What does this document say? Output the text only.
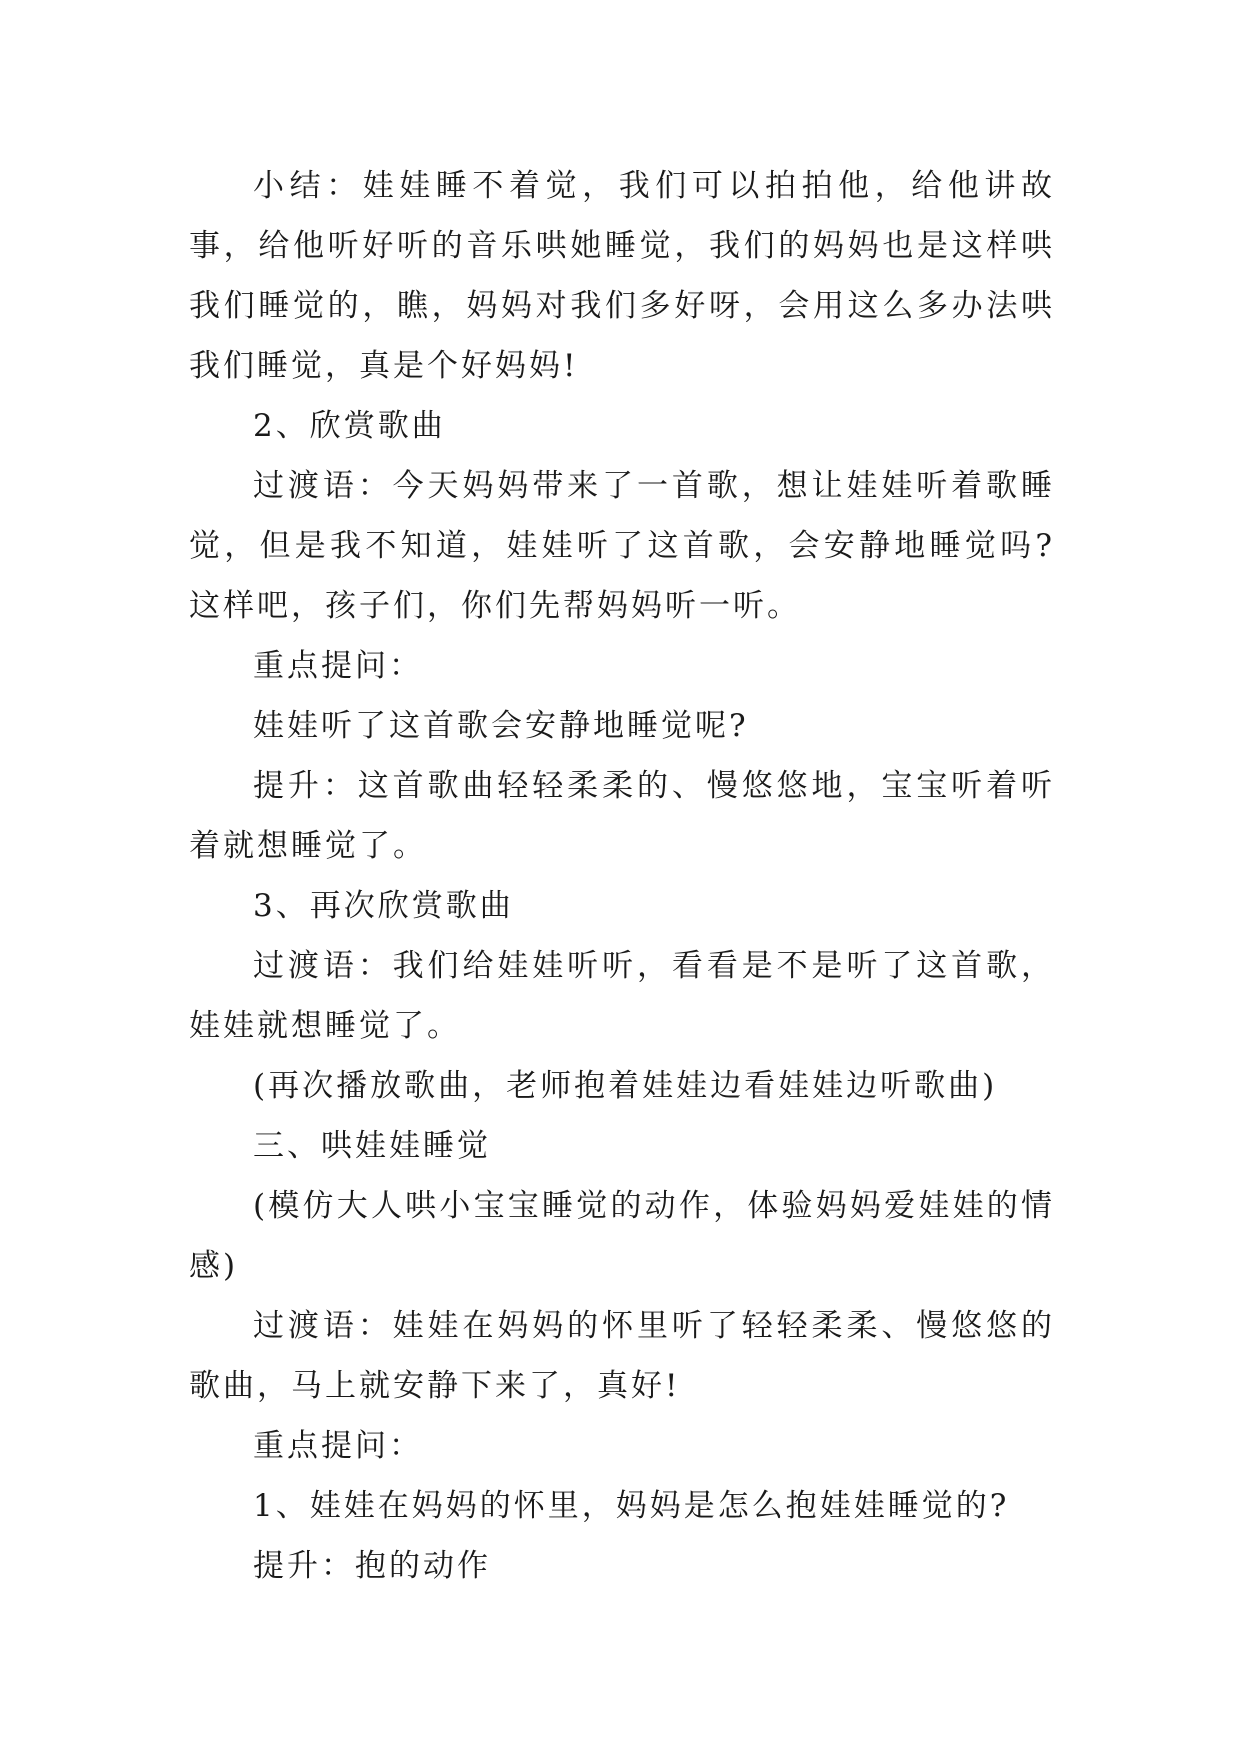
小结：娃娃睡不着觉，我们可以拍拍他，给他讲故事，给他听好听的音乐哄她睡觉，我们的妈妈也是这样哄我们睡觉的，瞧，妈妈对我们多好呀，会用这么多办法哄我们睡觉，真是个好妈妈!

2、欣赏歌曲

过渡语：今天妈妈带来了一首歌，想让娃娃听着歌睡觉，但是我不知道，娃娃听了这首歌，会安静地睡觉吗?这样吧，孩子们，你们先帮妈妈听一听。

重点提问：

娃娃听了这首歌会安静地睡觉呢?

提升：这首歌曲轻轻柔柔的、慢悠悠地，宝宝听着听着就想睡觉了。

3、再次欣赏歌曲

过渡语：我们给娃娃听听，看看是不是听了这首歌，娃娃就想睡觉了。

(再次播放歌曲，老师抱着娃娃边看娃娃边听歌曲)

三、哄娃娃睡觉

(模仿大人哄小宝宝睡觉的动作，体验妈妈爱娃娃的情感)

过渡语：娃娃在妈妈的怀里听了轻轻柔柔、慢悠悠的歌曲，马上就安静下来了，真好!

重点提问：

1、娃娃在妈妈的怀里，妈妈是怎么抱娃娃睡觉的?

提升：抱的动作
